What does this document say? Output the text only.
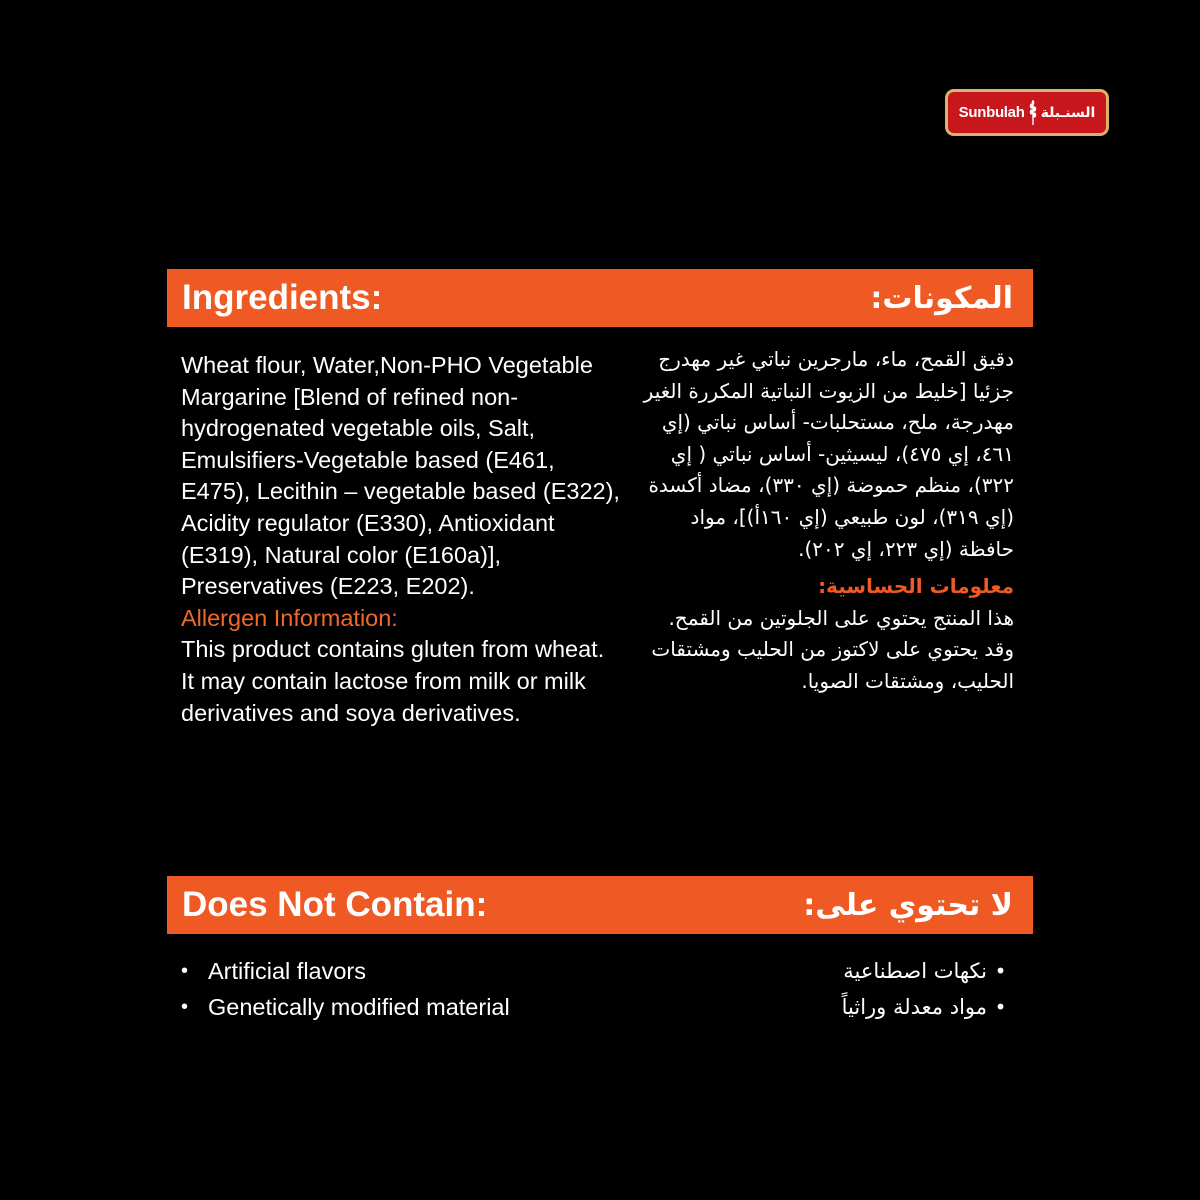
Sunbulah السنـبلة
Ingredients:	المكونات:

Wheat flour, Water,Non-PHO Vegetable Margarine [Blend of refined non-hydrogenated vegetable oils, Salt, Emulsifiers-Vegetable based (E461, E475), Lecithin – vegetable based (E322), Acidity regulator (E330), Antioxidant (E319), Natural color (E160a)], Preservatives (E223, E202).

Allergen Information:

This product contains gluten from wheat. It may contain lactose from milk or milk derivatives and soya derivatives.

دقيق القمح، ماء، مارجرين نباتي غير مهدرج جزئيا [خليط من الزيوت النباتية المكررة الغير مهدرجة، ملح، مستحلبات- أساس نباتي (إي ٤٦١، إي ٤٧٥)، ليسيثين- أساس نباتي ( إي ٣٢٢)، منظم حموضة (إي ٣٣٠)، مضاد أكسدة (إي ٣١٩)، لون طبيعي (إي ١٦٠أ)]، مواد حافظة (إي ٢٢٣، إي ٢٠٢).

معلومات الحساسية:

هذا المنتج يحتوي على الجلوتين من القمح. وقد يحتوي على لاكتوز من الحليب ومشتقات الحليب، ومشتقات الصويا.

Does Not Contain:	لا تحتوي على:
• Artificial flavors
• Genetically modified material
•
نكهات اصطناعية
•
مواد معدلة وراثياً
